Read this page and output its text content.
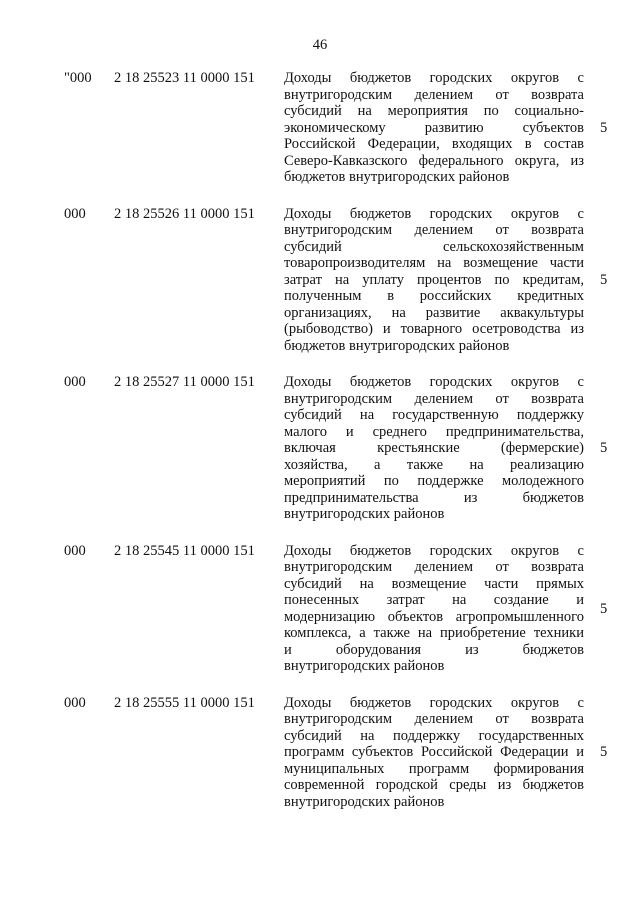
46
"000 2 18 25523 11 0000 151 Доходы бюджетов городских округов с
внутригородским делением от возврата
субсидий на мероприятия по социально-
экономическому развитию субъектов
Российской Федерации, входящих в состав
Северо-Кавказского федерального округа, из
бюджетов внутригородских районов
5
000 2 18 25526 11 0000 151 Доходы бюджетов городских округов с
внутригородским делением от возврата
субсидий сельскохозяйственным
товаропроизводителям на возмещение части
затрат на уплату процентов по кредитам,
полученным в российских кредитных
организациях, на развитие аквакультуры
(рыбоводство) и товарного осетроводства из
бюджетов внутригородских районов
5
000 2 18 25527 11 0000 151 Доходы бюджетов городских округов с
внутригородским делением от возврата
субсидий на государственную поддержку
малого и среднего предпринимательства,
включая крестьянские (фермерские)
хозяйства, а также на реализацию
мероприятий по поддержке молодежного
предпринимательства из бюджетов
внутригородских районов
5
000 2 18 25545 11 0000 151 Доходы бюджетов городских округов с
внутригородским делением от возврата
субсидий на возмещение части прямых
понесенных затрат на создание и
модернизацию объектов агропромышленного
комплекса, а также на приобретение техники
и оборудования из бюджетов
внутригородских районов
5
000 2 18 25555 11 0000 151 Доходы бюджетов городских округов с
внутригородским делением от возврата
субсидий на поддержку государственных
программ субъектов Российской Федерации и
муниципальных программ формирования
современной городской среды из бюджетов
внутригородских районов
5
